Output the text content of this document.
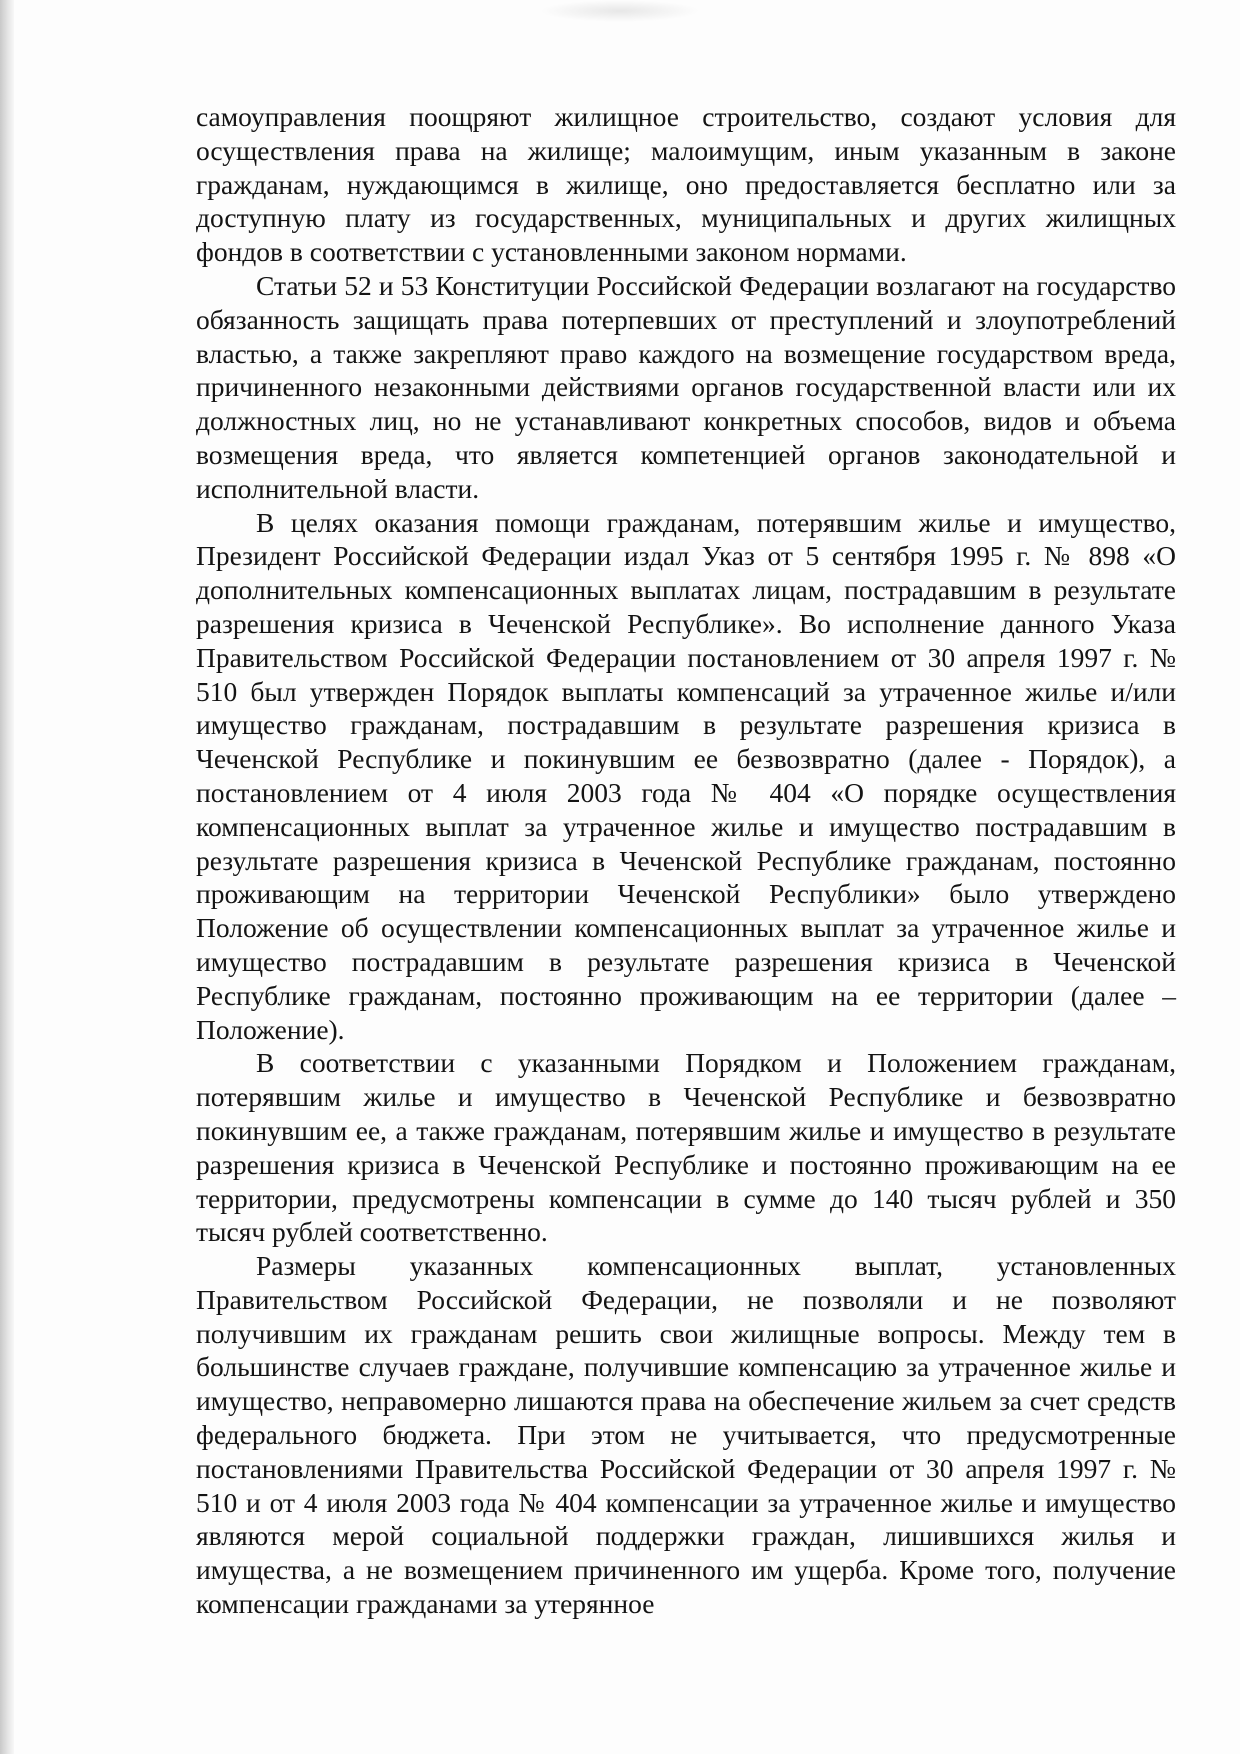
самоуправления поощряют жилищное строительство, создают условия для осуществления права на жилище; малоимущим, иным указанным в законе гражданам, нуждающимся в жилище, оно предоставляется бесплатно или за доступную плату из государственных, муниципальных и других жилищных фондов в соответствии с установленными законом нормами.

Статьи 52 и 53 Конституции Российской Федерации возлагают на государство обязанность защищать права потерпевших от преступлений и злоупотреблений властью, а также закрепляют право каждого на возмещение государством вреда, причиненного незаконными действиями органов государственной власти или их должностных лиц, но не устанавливают конкретных способов, видов и объема возмещения вреда, что является компетенцией органов законодательной и исполнительной власти.

В целях оказания помощи гражданам, потерявшим жилье и имущество, Президент Российской Федерации издал Указ от 5 сентября 1995 г. № 898 «О дополнительных компенсационных выплатах лицам, пострадавшим в результате разрешения кризиса в Чеченской Республике». Во исполнение данного Указа Правительством Российской Федерации постановлением от 30 апреля 1997 г. № 510 был утвержден Порядок выплаты компенсаций за утраченное жилье и/или имущество гражданам, пострадавшим в результате разрешения кризиса в Чеченской Республике и покинувшим ее безвозвратно (далее - Порядок), а постановлением от 4 июля 2003 года № 404 «О порядке осуществления компенсационных выплат за утраченное жилье и имущество пострадавшим в результате разрешения кризиса в Чеченской Республике гражданам, постоянно проживающим на территории Чеченской Республики» было утверждено Положение об осуществлении компенсационных выплат за утраченное жилье и имущество пострадавшим в результате разрешения кризиса в Чеченской Республике гражданам, постоянно проживающим на ее территории (далее – Положение).

В соответствии с указанными Порядком и Положением гражданам, потерявшим жилье и имущество в Чеченской Республике и безвозвратно покинувшим ее, а также гражданам, потерявшим жилье и имущество в результате разрешения кризиса в Чеченской Республике и постоянно проживающим на ее территории, предусмотрены компенсации в сумме до 140 тысяч рублей и 350 тысяч рублей соответственно.

Размеры указанных компенсационных выплат, установленных Правительством Российской Федерации, не позволяли и не позволяют получившим их гражданам решить свои жилищные вопросы. Между тем в большинстве случаев граждане, получившие компенсацию за утраченное жилье и имущество, неправомерно лишаются права на обеспечение жильем за счет средств федерального бюджета. При этом не учитывается, что предусмотренные постановлениями Правительства Российской Федерации от 30 апреля 1997 г. № 510 и от 4 июля 2003 года № 404 компенсации за утраченное жилье и имущество являются мерой социальной поддержки граждан, лишившихся жилья и имущества, а не возмещением причиненного им ущерба. Кроме того, получение компенсации гражданами за утерянное
